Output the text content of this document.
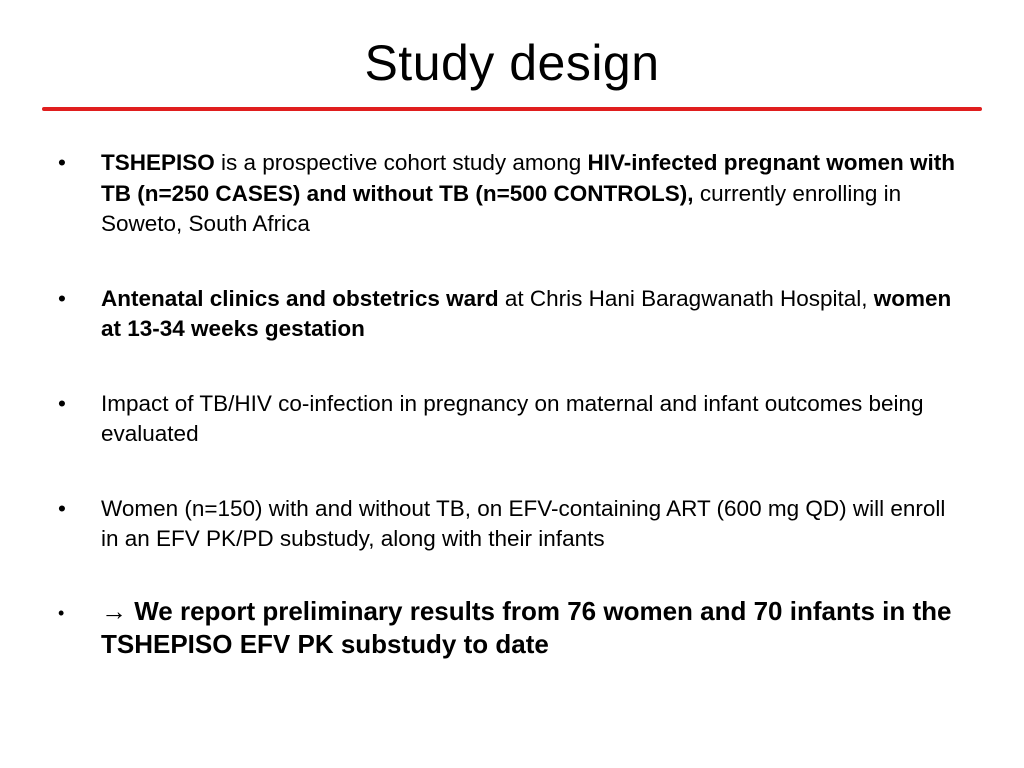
Study design
•	TSHEPISO is a prospective cohort study among HIV-infected pregnant women with TB (n=250 CASES) and without TB (n=500 CONTROLS), currently enrolling in Soweto, South Africa
•	Antenatal clinics and obstetrics ward at Chris Hani Baragwanath Hospital, women at 13-34 weeks gestation
•	Impact of TB/HIV co-infection in pregnancy on maternal and infant outcomes being evaluated
•	Women (n=150) with and without TB, on EFV-containing ART (600 mg QD) will enroll in an EFV PK/PD substudy, along with their infants
•	→ We report preliminary results from 76 women and 70 infants in the TSHEPISO EFV PK substudy to date
